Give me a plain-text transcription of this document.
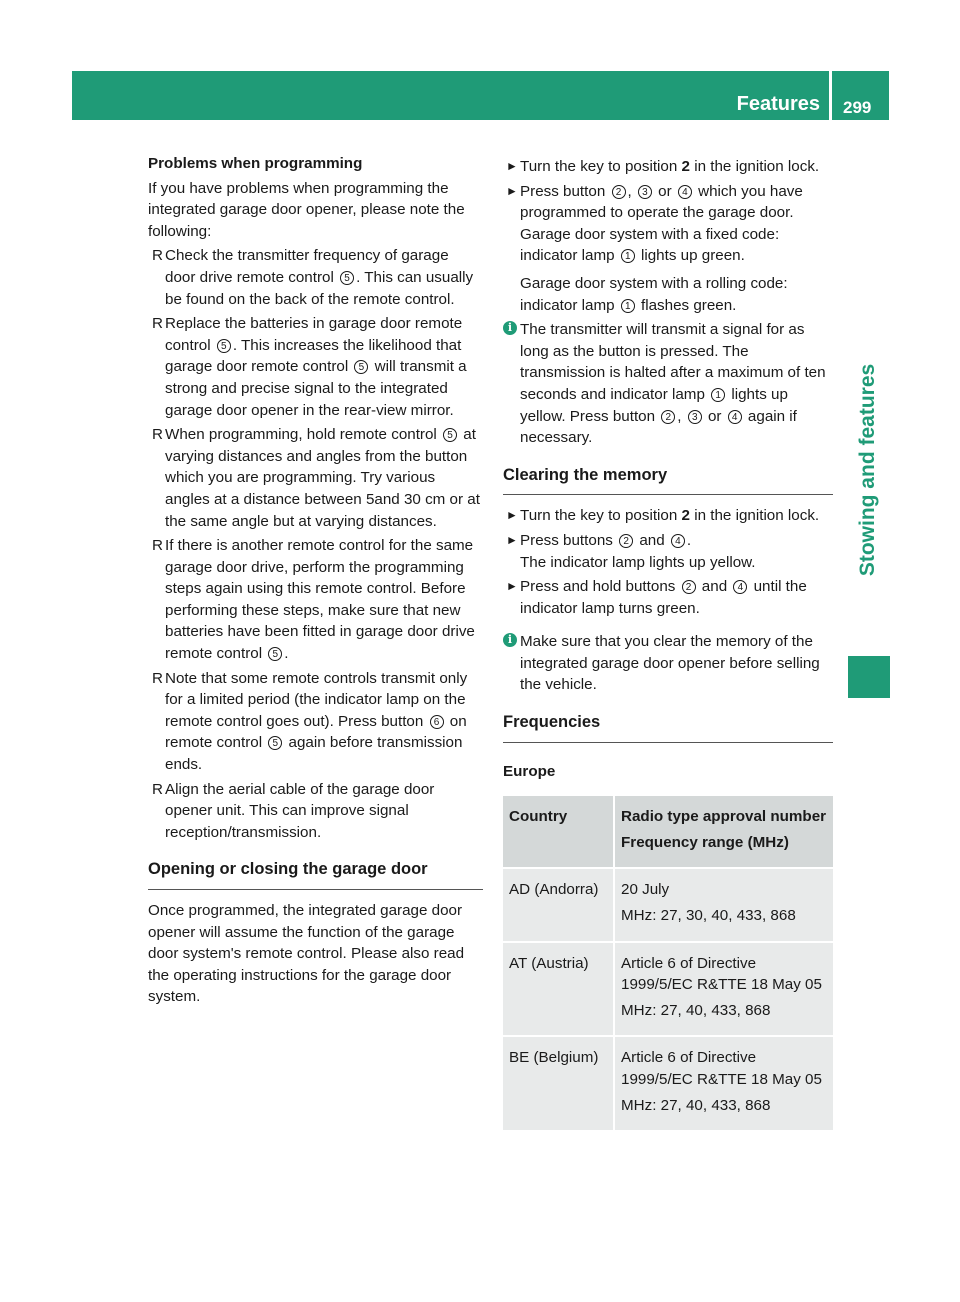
Features 299
Stowing and features
Problems when programming
If you have problems when programming the integrated garage door opener, please note the following:
R Check the transmitter frequency of garage door drive remote control 5 . This can usually be found on the back of the remote control.
R Replace the batteries in garage door remote control 5 . This increases the likelihood that garage door remote control 5 will transmit a strong and precise signal to the integrated garage door opener in the rear-view mirror.
R When programming, hold remote control 5 at varying distances and angles from the button which you are programming. Try various angles at a distance between 5and 30 cm or at the same angle but at varying distances.
R If there is another remote control for the same garage door drive, perform the programming steps again using this remote control. Before performing these steps, make sure that new batteries have been fitted in garage door drive remote control 5 .
R Note that some remote controls transmit only for a limited period (the indicator lamp on the remote control goes out). Press button 6 on remote control 5 again before transmission ends.
R Align the aerial cable of the garage door opener unit. This can improve signal reception/transmission.
Opening or closing the garage door
Once programmed, the integrated garage door opener will assume the function of the garage door system's remote control. Please also read the operating instructions for the garage door system.
► Turn the key to position 2 in the ignition lock.
► Press button 2 , 3 or 4 which you have programmed to operate the garage door.
Garage door system with a fixed code: indicator lamp 1 lights up green.
Garage door system with a rolling code: indicator lamp 1 flashes green.
i The transmitter will transmit a signal for as long as the button is pressed. The transmission is halted after a maximum of ten seconds and indicator lamp 1 lights up yellow. Press button 2 , 3 or 4 again if necessary.
Clearing the memory
► Turn the key to position 2 in the ignition lock.
► Press buttons 2 and 4 .
The indicator lamp lights up yellow.
► Press and hold buttons 2 and 4 until the indicator lamp turns green.
i Make sure that you clear the memory of the integrated garage door opener before selling the vehicle.
Frequencies
Europe
Country	Radio type approval number
Frequency range (MHz)

AD (Andorra)	20 July
MHz: 27, 30, 40, 433, 868

AT (Austria)	Article 6 of Directive 1999/5/EC R&TTE 18 May 05
MHz: 27, 40, 433, 868

BE (Belgium)	Article 6 of Directive 1999/5/EC R&TTE 18 May 05
MHz: 27, 40, 433, 868
